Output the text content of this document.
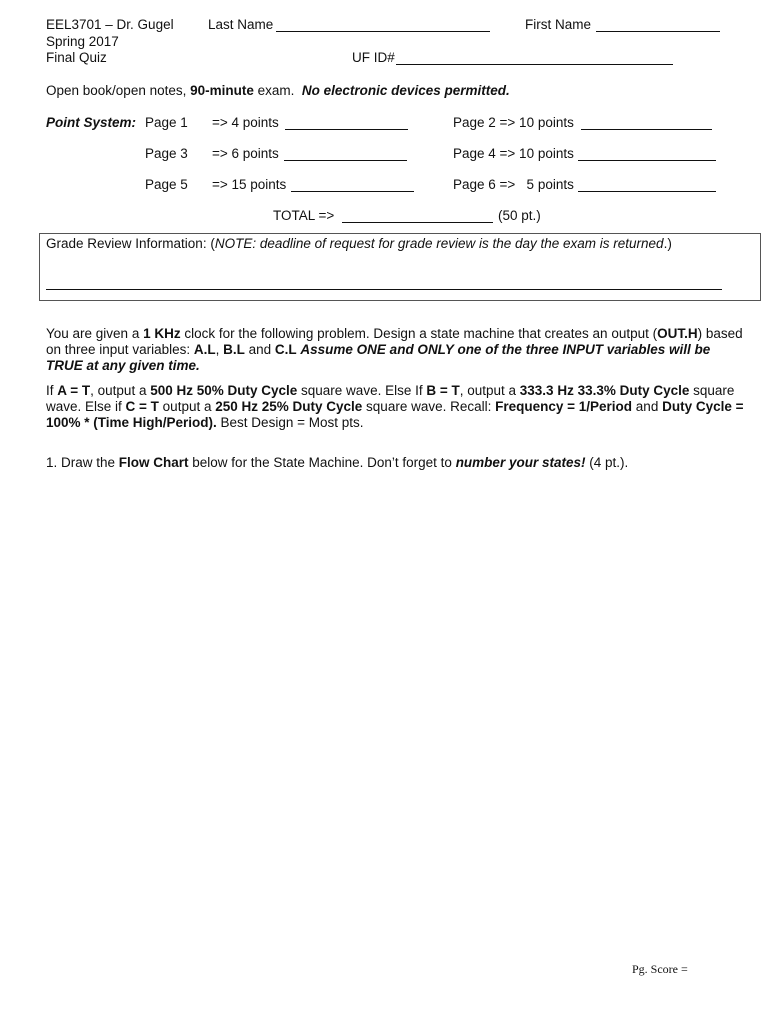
EEL3701 – Dr. Gugel
Spring 2017
Final Quiz
Last Name	First Name
UF ID#
Open book/open notes, 90-minute exam.  No electronic devices permitted.
Point System: Page 1 => 4 points
Page 3 => 6 points
Page 5 => 15 points
Page 2 => 10 points
Page 4 => 10 points
Page 6 =>   5 points
TOTAL =>	(50 pt.)
Grade Review Information: (NOTE: deadline of request for grade review is the day the exam is returned.)
You are given a 1 KHz clock for the following problem. Design a state machine that creates an output (OUT.H) based on three input variables: A.L, B.L and C.L Assume ONE and ONLY one of the three INPUT variables will be TRUE at any given time.
If A = T, output a 500 Hz 50% Duty Cycle square wave. Else If B = T, output a 333.3 Hz 33.3% Duty Cycle square wave. Else if C = T output a 250 Hz 25% Duty Cycle square wave. Recall: Frequency = 1/Period and Duty Cycle = 100% * (Time High/Period). Best Design = Most pts.
1. Draw the Flow Chart below for the State Machine. Don’t forget to number your states! (4 pt.).
Pg. Score =
